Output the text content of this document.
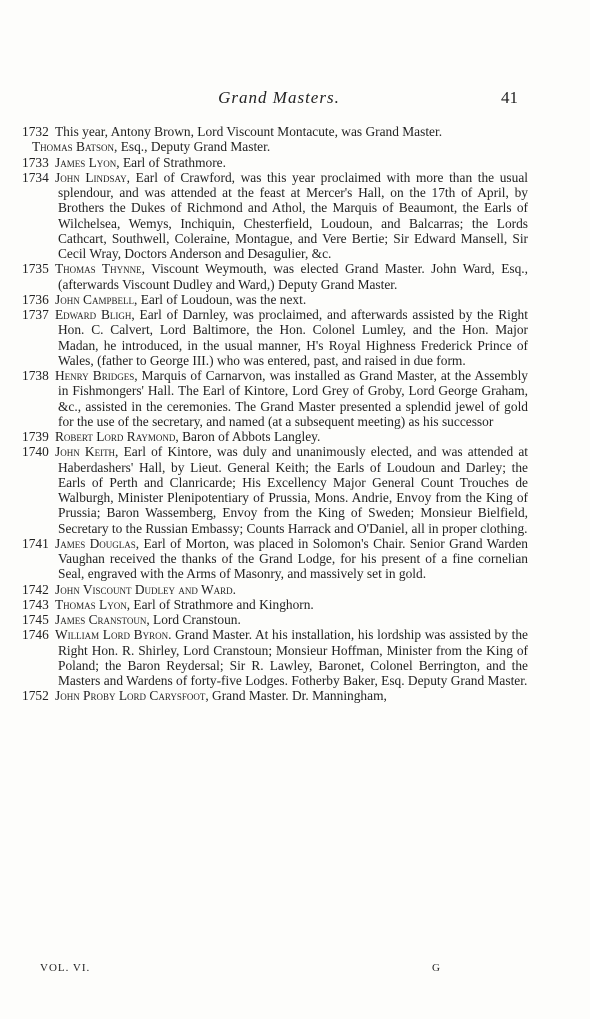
Grand Masters.	41

1732 This year, Antony Brown, Lord Viscount Montacute, was Grand Master.

Thomas Batson, Esq., Deputy Grand Master.

1733 James Lyon, Earl of Strathmore.

1734 John Lindsay, Earl of Crawford, was this year proclaimed with more than the usual splendour, and was attended at the feast at Mercer's Hall, on the 17th of April, by Brothers the Dukes of Richmond and Athol, the Marquis of Beaumont, the Earls of Wilchelsea, Wemys, Inchiquin, Chesterfield, Loudoun, and Balcarras; the Lords Cathcart, Southwell, Coleraine, Montague, and Vere Bertie; Sir Edward Mansell, Sir Cecil Wray, Doctors Anderson and Desagulier, &c.

1735 Thomas Thynne, Viscount Weymouth, was elected Grand Master. John Ward, Esq., (afterwards Viscount Dudley and Ward,) Deputy Grand Master.

1736 John Campbell, Earl of Loudoun, was the next.

1737 Edward Bligh, Earl of Darnley, was proclaimed, and afterwards assisted by the Right Hon. C. Calvert, Lord Baltimore, the Hon. Colonel Lumley, and the Hon. Major Madan, he introduced, in the usual manner, H's Royal Highness Frederick Prince of Wales, (father to George III.) who was entered, past, and raised in due form.

1738 Henry Bridges, Marquis of Carnarvon, was installed as Grand Master, at the Assembly in Fishmongers' Hall. The Earl of Kintore, Lord Grey of Groby, Lord George Graham, &c., assisted in the ceremonies. The Grand Master presented a splendid jewel of gold for the use of the secretary, and named (at a subsequent meeting) as his successor

1739 Robert Lord Raymond, Baron of Abbots Langley.

1740 John Keith, Earl of Kintore, was duly and unanimously elected, and was attended at Haberdashers' Hall, by Lieut. General Keith; the Earls of Loudoun and Darley; the Earls of Perth and Clanricarde; His Excellency Major General Count Trouches de Walburgh, Minister Plenipotentiary of Prussia, Mons. Andrie, Envoy from the King of Prussia; Baron Wassemberg, Envoy from the King of Sweden; Monsieur Bielfield, Secretary to the Russian Embassy; Counts Harrack and O'Daniel, all in proper clothing.

1741 James Douglas, Earl of Morton, was placed in Solomon's Chair. Senior Grand Warden Vaughan received the thanks of the Grand Lodge, for his present of a fine cornelian Seal, engraved with the Arms of Masonry, and massively set in gold.

1742 John Viscount Dudley and Ward.

1743 Thomas Lyon, Earl of Strathmore and Kinghorn.

1745 James Cranstoun, Lord Cranstoun.

1746 William Lord Byron. Grand Master. At his installation, his lordship was assisted by the Right Hon. R. Shirley, Lord Cranstoun; Monsieur Hoffman, Minister from the King of Poland; the Baron Reydersal; Sir R. Lawley, Baronet, Colonel Berrington, and the Masters and Wardens of forty-five Lodges. Fotherby Baker, Esq. Deputy Grand Master.

1752 John Proby Lord Carysfoot, Grand Master. Dr. Manningham,

VOL. VI.	G
